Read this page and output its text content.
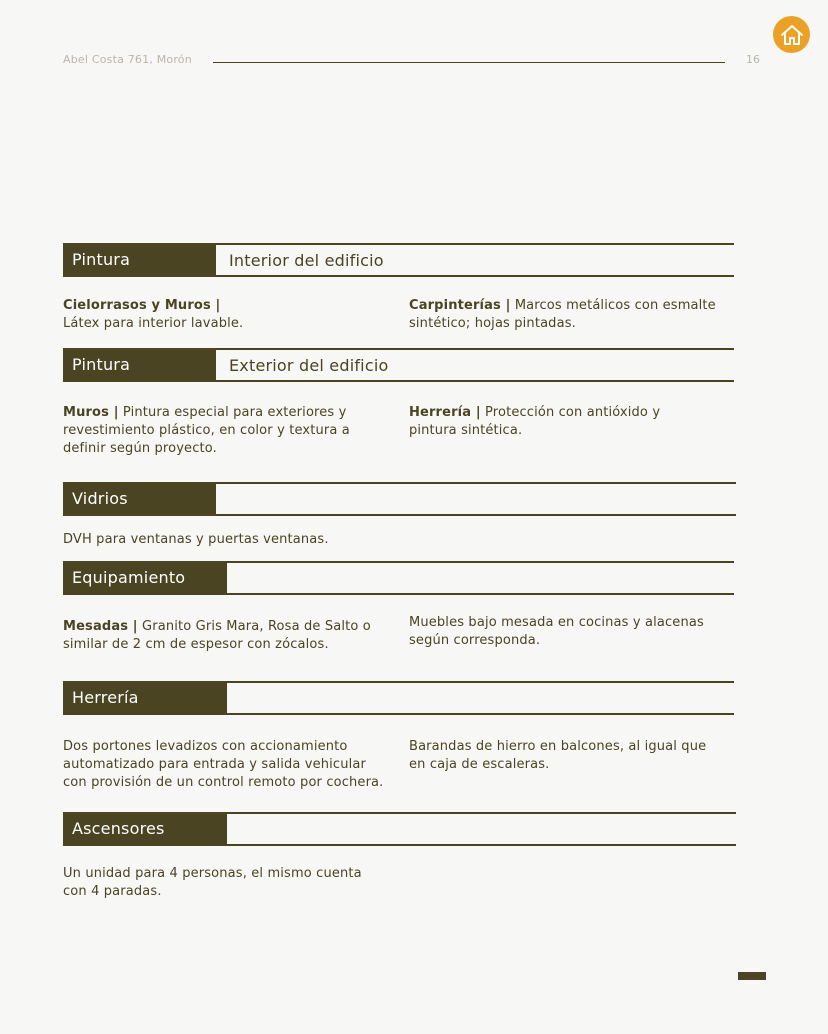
Abel Costa 761, Morón	16
Pintura	Interior del edificio
Cielorrasos y Muros |
Látex para interior lavable.
Carpinterías | Marcos metálicos con esmalte sintético; hojas pintadas.
Pintura	Exterior del edificio
Muros | Pintura especial para exteriores y revestimiento plástico, en color y textura a definir según proyecto.
Herrería | Protección con antióxido y pintura sintética.
Vidrios
DVH para ventanas y puertas ventanas.
Equipamiento
Mesadas | Granito Gris Mara, Rosa de Salto o similar de 2 cm de espesor con zócalos.
Muebles bajo mesada en cocinas y alacenas según corresponda.
Herrería
Dos portones levadizos con accionamiento automatizado para entrada y salida vehicular con provisión de un control remoto por cochera.
Barandas de hierro en balcones, al igual que en caja de escaleras.
Ascensores
Un unidad para 4 personas, el mismo cuenta con 4 paradas.
